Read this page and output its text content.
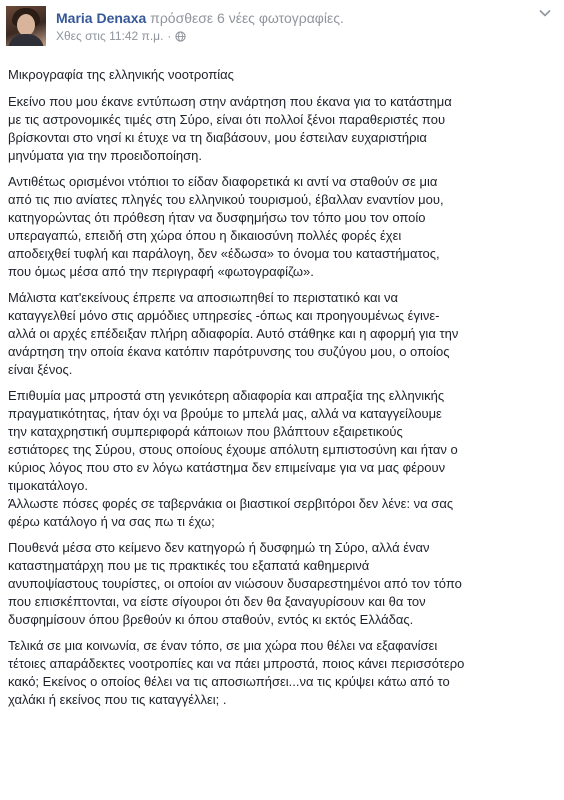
Maria Denaxa πρόσθεσε 6 νέες φωτογραφίες.
Χθες στις 11:42 π.μ. ·

Μικρογραφία της ελληνικής νοοτροπίας

Εκείνο που μου έκανε εντύπωση στην ανάρτηση που έκανα για το κατάστημα
με τις αστρονομικές τιμές στη Σύρο, είναι ότι πολλοί ξένοι παραθεριστές που
βρίσκονται στο νησί κι έτυχε να τη διαβάσουν, μου έστειλαν ευχαριστήρια
μηνύματα για την προειδοποίηση.

Αντιθέτως ορισμένοι ντόπιοι το είδαν διαφορετικά κι αντί να σταθούν σε μια
από τις πιο ανίατες πληγές του ελληνικού τουρισμού, έβαλλαν εναντίον μου,
κατηγορώντας ότι πρόθεση ήταν να δυσφημήσω τον τόπο μου τον οποίο
υπεραγαπώ, επειδή στη χώρα όπου η δικαιοσύνη πολλές φορές έχει
αποδειχθεί τυφλή και παράλογη, δεν «έδωσα» το όνομα του καταστήματος,
που όμως μέσα από την περιγραφή «φωτογραφίζω».

Μάλιστα κατ'εκείνους έπρεπε να αποσιωπηθεί το περιστατικό και να
καταγγελθεί μόνο στις αρμόδιες υπηρεσίες -όπως και προηγουμένως έγινε-
αλλά οι αρχές επέδειξαν πλήρη αδιαφορία. Αυτό στάθηκε και η αφορμή για την
ανάρτηση την οποία έκανα κατόπιν παρότρυνσης του συζύγου μου, ο οποίος
είναι ξένος.

Επιθυμία μας μπροστά στη γενικότερη αδιαφορία και απραξία της ελληνικής
πραγματικότητας, ήταν όχι να βρούμε το μπελά μας, αλλά να καταγγείλουμε
την καταχρηστική συμπεριφορά κάποιων που βλάπτουν εξαιρετικούς
εστιάτορες της Σύρου, στους οποίους έχουμε απόλυτη εμπιστοσύνη και ήταν ο
κύριος λόγος που στο εν λόγω κατάστημα δεν επιμείναμε για να μας φέρουν
τιμοκατάλογο.
Άλλωστε πόσες φορές σε ταβερνάκια οι βιαστικοί σερβιτόροι δεν λένε: να σας
φέρω κατάλογο ή να σας πω τι έχω;

Πουθενά μέσα στο κείμενο δεν κατηγορώ ή δυσφημώ τη Σύρο, αλλά έναν
καταστηματάρχη που με τις πρακτικές του εξαπατά καθημερινά
ανυποψίαστους τουρίστες, οι οποίοι αν νιώσουν δυσαρεστημένοι από τον τόπο
που επισκέπτονται, να είστε σίγουροι ότι δεν θα ξαναγυρίσουν και θα τον
δυσφημίσουν όπου βρεθούν κι όπου σταθούν, εντός κι εκτός Ελλάδας.

Τελικά σε μια κοινωνία, σε έναν τόπο, σε μια χώρα που θέλει να εξαφανίσει
τέτοιες απαράδεκτες νοοτροπίες και να πάει μπροστά, ποιος κάνει περισσότερο
κακό; Εκείνος ο οποίος θέλει να τις αποσιωπήσει...να τις κρύψει κάτω από το
χαλάκι ή εκείνος που τις καταγγέλλει; .
